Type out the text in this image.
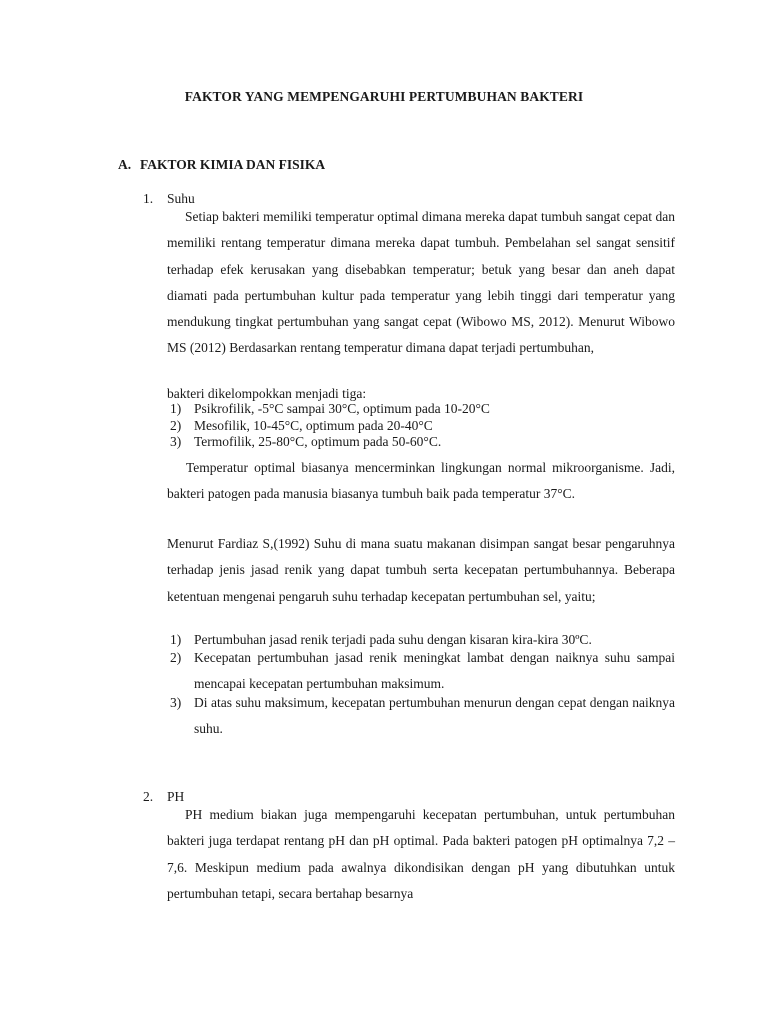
FAKTOR YANG MEMPENGARUHI PERTUMBUHAN BAKTERI
A. FAKTOR KIMIA DAN FISIKA
1. Suhu
Setiap bakteri memiliki temperatur optimal dimana mereka dapat tumbuh sangat cepat dan memiliki rentang temperatur dimana mereka dapat tumbuh. Pembelahan sel sangat sensitif terhadap efek kerusakan yang disebabkan temperatur; betuk yang besar dan aneh dapat diamati pada pertumbuhan kultur pada temperatur yang lebih tinggi dari temperatur yang mendukung tingkat pertumbuhan yang sangat cepat (Wibowo MS, 2012). Menurut Wibowo MS (2012) Berdasarkan rentang temperatur dimana dapat terjadi pertumbuhan,
bakteri dikelompokkan menjadi tiga:
1) Psikrofilik, -5°C sampai 30°C, optimum pada 10-20°C
2) Mesofilik, 10-45°C, optimum pada 20-40°C
3) Termofilik, 25-80°C, optimum pada 50-60°C.
Temperatur optimal biasanya mencerminkan lingkungan normal mikroorganisme. Jadi, bakteri patogen pada manusia biasanya tumbuh baik pada temperatur 37°C.
Menurut Fardiaz S,(1992) Suhu di mana suatu makanan disimpan sangat besar pengaruhnya terhadap jenis jasad renik yang dapat tumbuh serta kecepatan pertumbuhannya. Beberapa ketentuan mengenai pengaruh suhu terhadap kecepatan pertumbuhan sel, yaitu;
1) Pertumbuhan jasad renik terjadi pada suhu dengan kisaran kira-kira 30ºC.
2) Kecepatan pertumbuhan jasad renik meningkat lambat dengan naiknya suhu sampai mencapai kecepatan pertumbuhan maksimum.
3) Di atas suhu maksimum, kecepatan pertumbuhan menurun dengan cepat dengan naiknya suhu.
2. PH
PH medium biakan juga mempengaruhi kecepatan pertumbuhan, untuk pertumbuhan bakteri juga terdapat rentang pH dan pH optimal. Pada bakteri patogen pH optimalnya 7,2 – 7,6. Meskipun medium pada awalnya dikondisikan dengan pH yang dibutuhkan untuk pertumbuhan tetapi, secara bertahap besarnya
